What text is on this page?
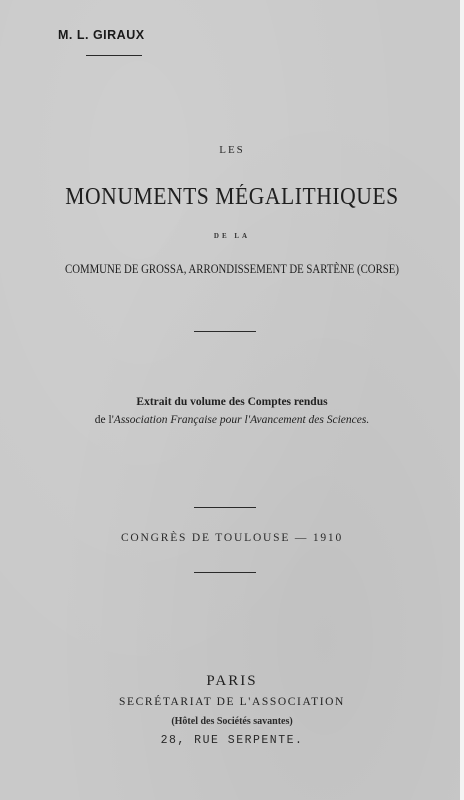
M. L. GIRAUX

LES

MONUMENTS MÉGALITHIQUES

DE LA

COMMUNE DE GROSSA, ARRONDISSEMENT DE SARTÈNE (CORSE)

Extrait du volume des Comptes rendus

de l'Association Française pour l'Avancement des Sciences.

CONGRÈS DE TOULOUSE — 1910

PARIS

SECRÉTARIAT DE L'ASSOCIATION

(Hôtel des Sociétés savantes)

28, RUE SERPENTE.
